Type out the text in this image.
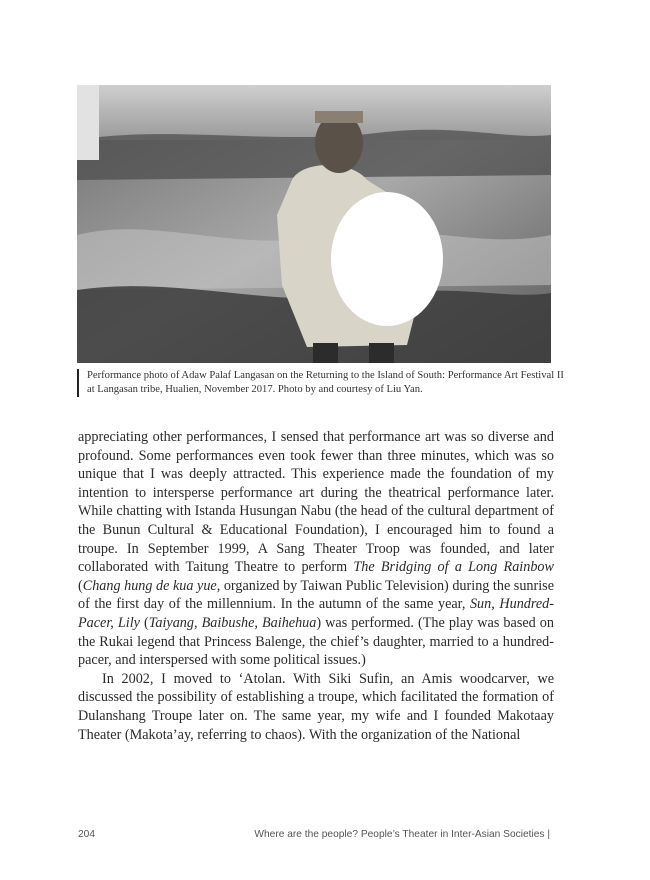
Performance photo of Adaw Palaf Langasan on the Returning to the Island of South: Performance Art Festival II at Langasan tribe, Hualien, November 2017. Photo by and courtesy of Liu Yan.

appreciating other performances, I sensed that performance art was so diverse and profound. Some performances even took fewer than three minutes, which was so unique that I was deeply attracted. This experience made the foundation of my intention to intersperse performance art during the theatrical performance later. While chatting with Istanda Husungan Nabu (the head of the cultural department of the Bunun Cultural & Educational Foundation), I encouraged him to found a troupe. In September 1999, A Sang Theater Troop was founded, and later collaborated with Taitung Theatre to perform The Bridging of a Long Rainbow (Chang hung de kua yue, organized by Taiwan Public Television) during the sunrise of the first day of the millennium. In the autumn of the same year, Sun, Hundred-Pacer, Lily (Taiyang, Baibushe, Baihehua) was performed. (The play was based on the Rukai legend that Princess Balenge, the chief’s daughter, married to a hundred-pacer, and interspersed with some political issues.)

In 2002, I moved to ‘Atolan. With Siki Sufin, an Amis woodcarver, we discussed the possibility of establishing a troupe, which facilitated the formation of Dulanshang Troupe later on. The same year, my wife and I founded Makotaay Theater (Makota’ay, referring to chaos). With the organization of the National

204	Where are the people? People’s Theater in Inter-Asian Societies |
